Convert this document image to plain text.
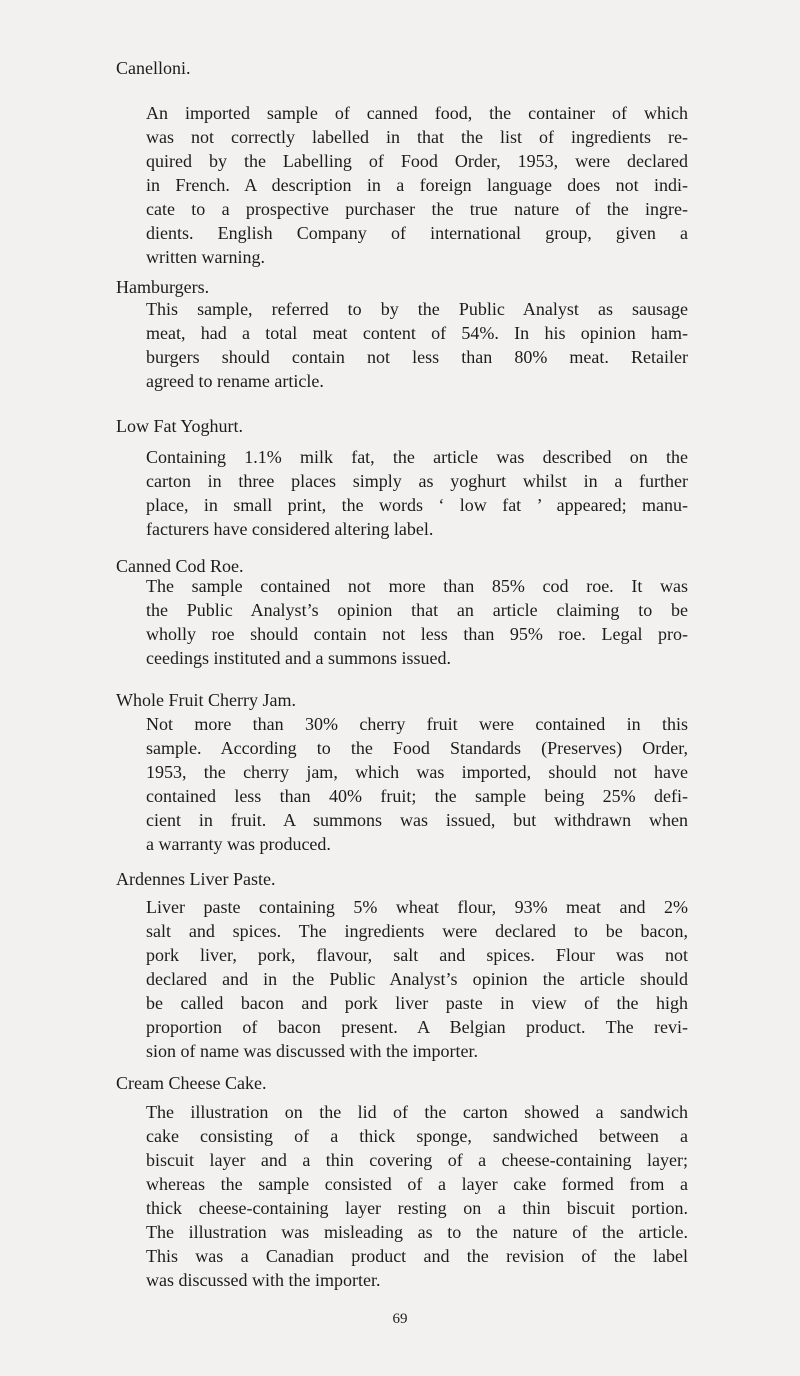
Canelloni.
An imported sample of canned food, the container of which
was not correctly labelled in that the list of ingredients re-
quired by the Labelling of Food Order, 1953, were declared
in French. A description in a foreign language does not indi-
cate to a prospective purchaser the true nature of the ingre-
dients. English Company of international group, given a
written warning.
Hamburgers.
This sample, referred to by the Public Analyst as sausage
meat, had a total meat content of 54%. In his opinion ham-
burgers should contain not less than 80% meat. Retailer
agreed to rename article.
Low Fat Yoghurt.
Containing 1.1% milk fat, the article was described on the
carton in three places simply as yoghurt whilst in a further
place, in small print, the words ‘ low fat ’ appeared; manu-
facturers have considered altering label.
Canned Cod Roe.
The sample contained not more than 85% cod roe. It was
the Public Analyst’s opinion that an article claiming to be
wholly roe should contain not less than 95% roe. Legal pro-
ceedings instituted and a summons issued.
Whole Fruit Cherry Jam.
Not more than 30% cherry fruit were contained in this
sample. According to the Food Standards (Preserves) Order,
1953, the cherry jam, which was imported, should not have
contained less than 40% fruit; the sample being 25% defi-
cient in fruit. A summons was issued, but withdrawn when
a warranty was produced.
Ardennes Liver Paste.
Liver paste containing 5% wheat flour, 93% meat and 2%
salt and spices. The ingredients were declared to be bacon,
pork liver, pork, flavour, salt and spices. Flour was not
declared and in the Public Analyst’s opinion the article should
be called bacon and pork liver paste in view of the high
proportion of bacon present. A Belgian product. The revi-
sion of name was discussed with the importer.
Cream Cheese Cake.
The illustration on the lid of the carton showed a sandwich
cake consisting of a thick sponge, sandwiched between a
biscuit layer and a thin covering of a cheese-containing layer;
whereas the sample consisted of a layer cake formed from a
thick cheese-containing layer resting on a thin biscuit portion.
The illustration was misleading as to the nature of the article.
This was a Canadian product and the revision of the label
was discussed with the importer.
69
